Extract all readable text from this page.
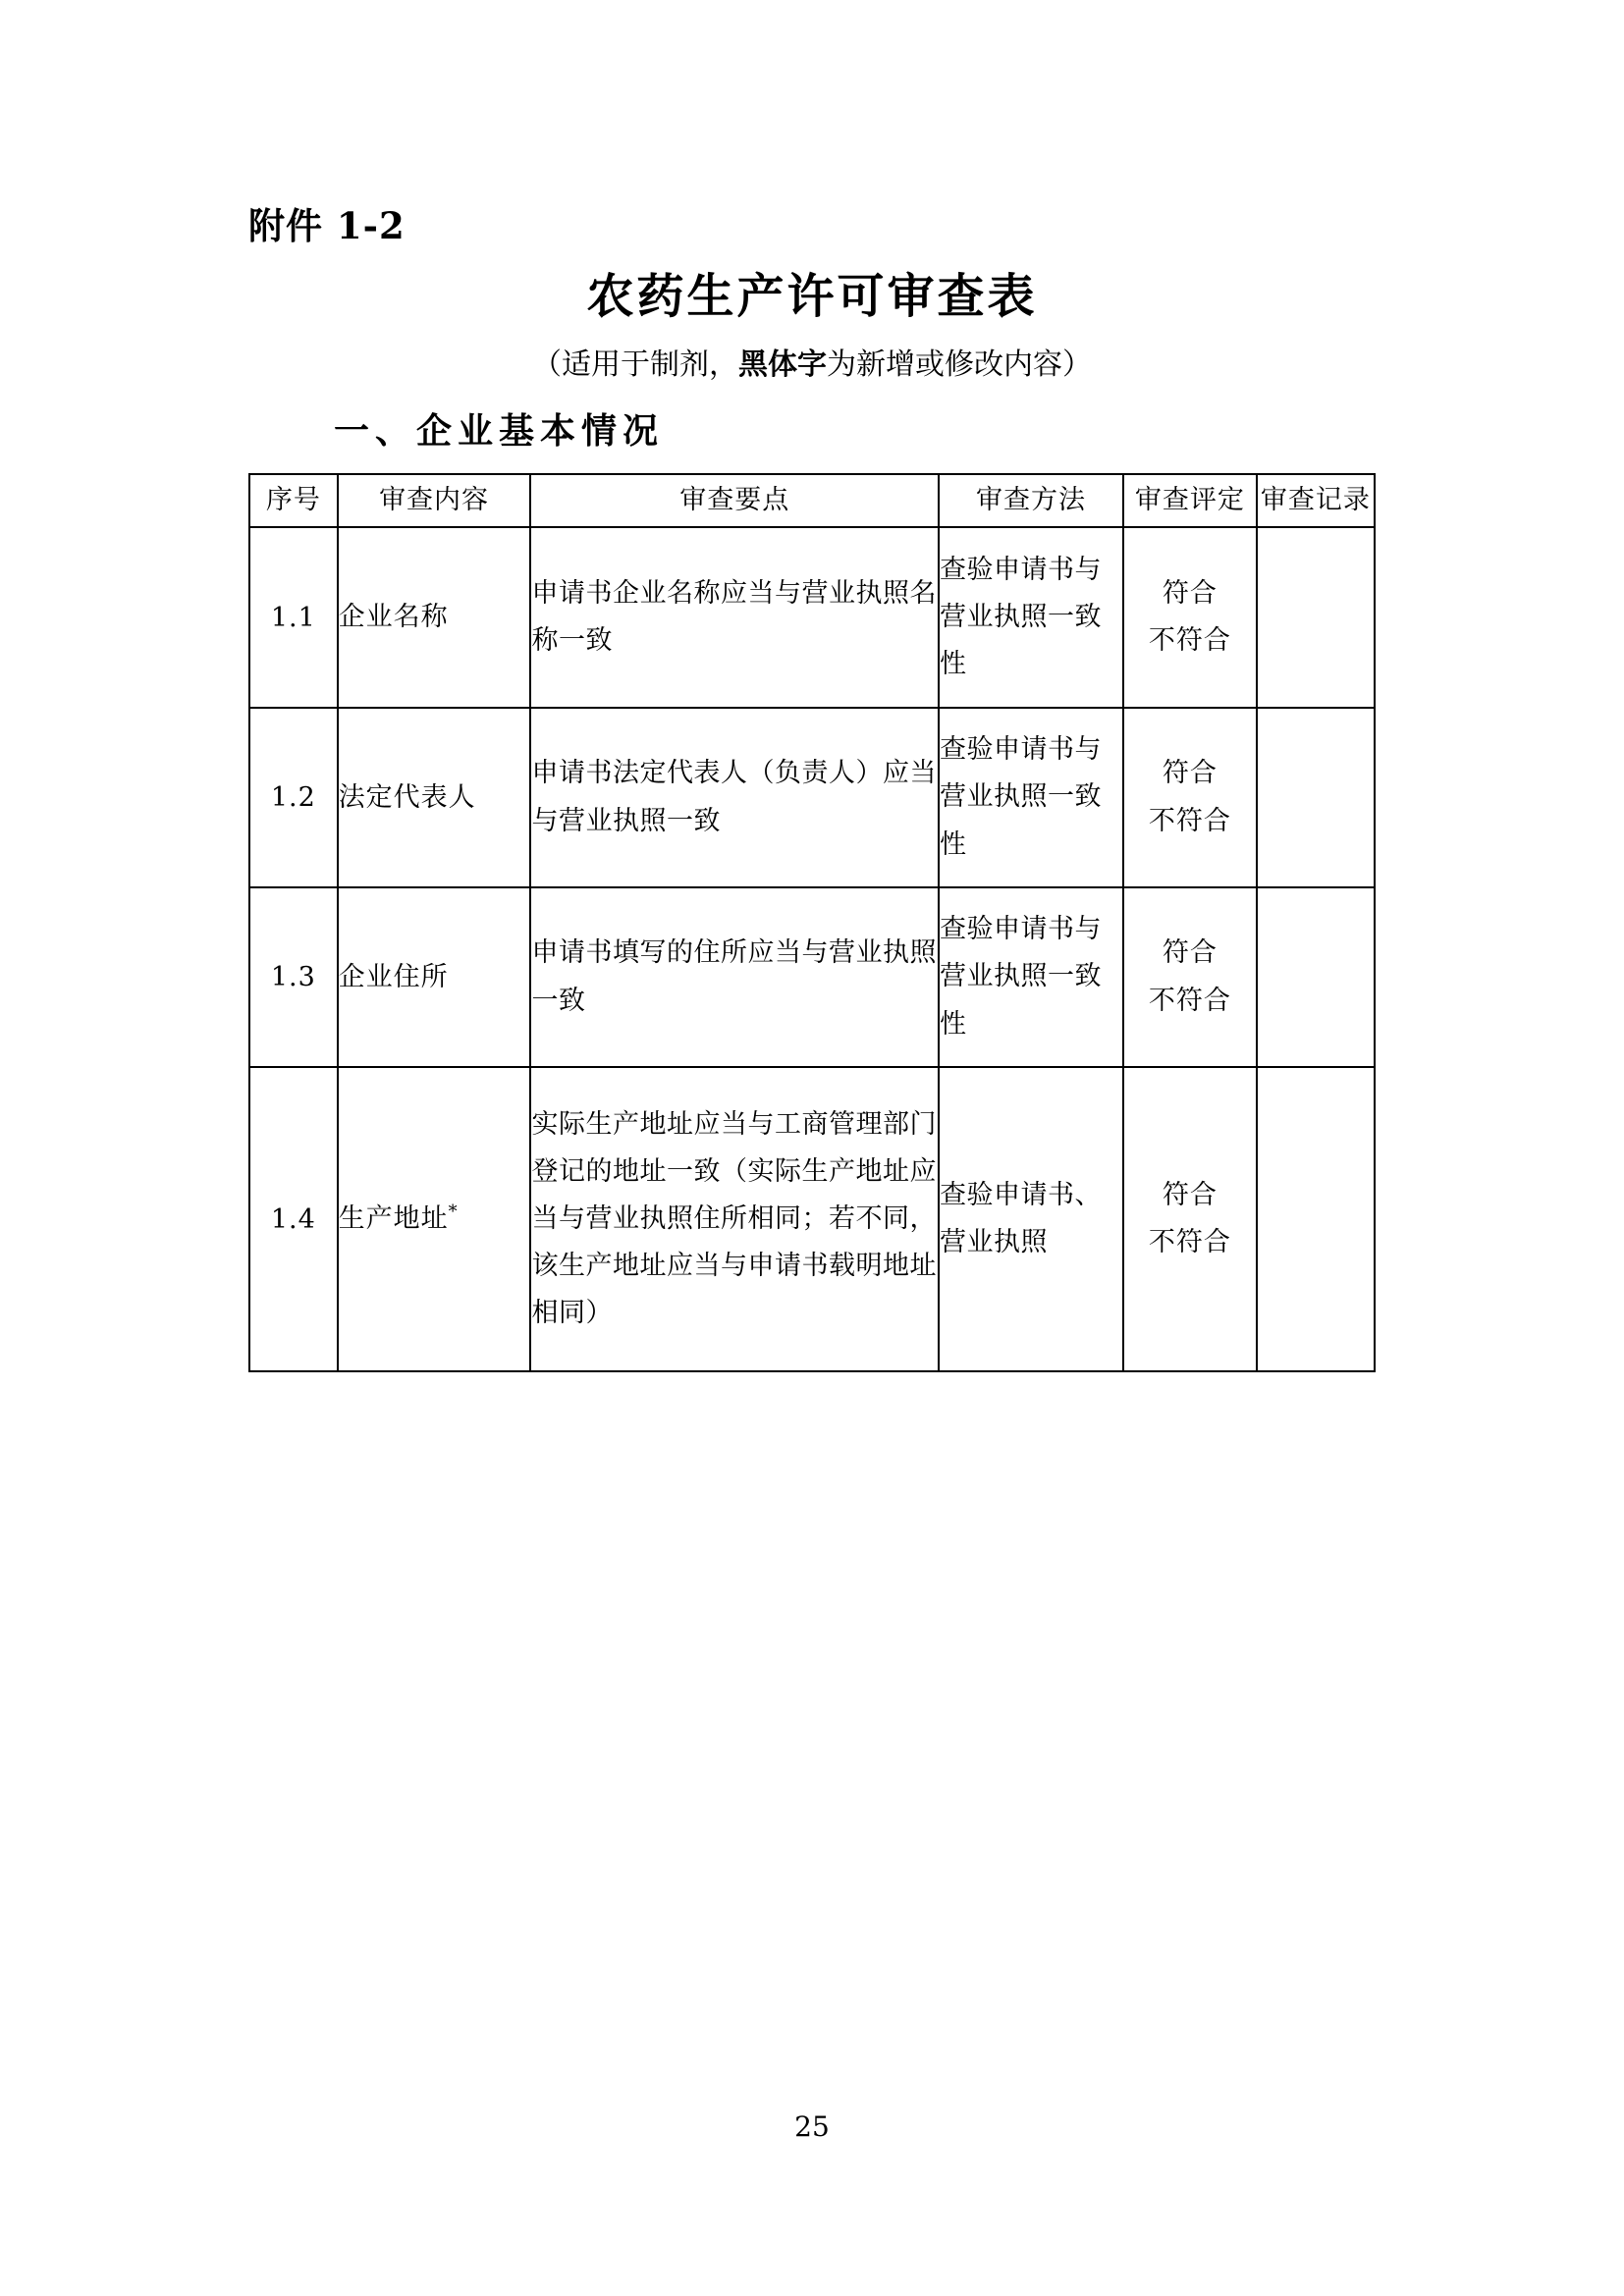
附件 1-2
农药生产许可审查表
（适用于制剂，黑体字为新增或修改内容）
一、企业基本情况
序号	审查内容	审查要点	审查方法	审查评定	审查记录
1.1	企业名称	申请书企业名称应当与营业执照名称一致	查验申请书与营业执照一致性	符合
不符合	

1.2	法定代表人	申请书法定代表人（负责人）应当与营业执照一致	查验申请书与营业执照一致性	符合
不符合	

1.3	企业住所	申请书填写的住所应当与营业执照一致	查验申请书与营业执照一致性	符合
不符合	

1.4	生产地址*	实际生产地址应当与工商管理部门登记的地址一致（实际生产地址应当与营业执照住所相同；若不同，该生产地址应当与申请书载明地址相同）	查验申请书、营业执照	符合
不符合	

25
